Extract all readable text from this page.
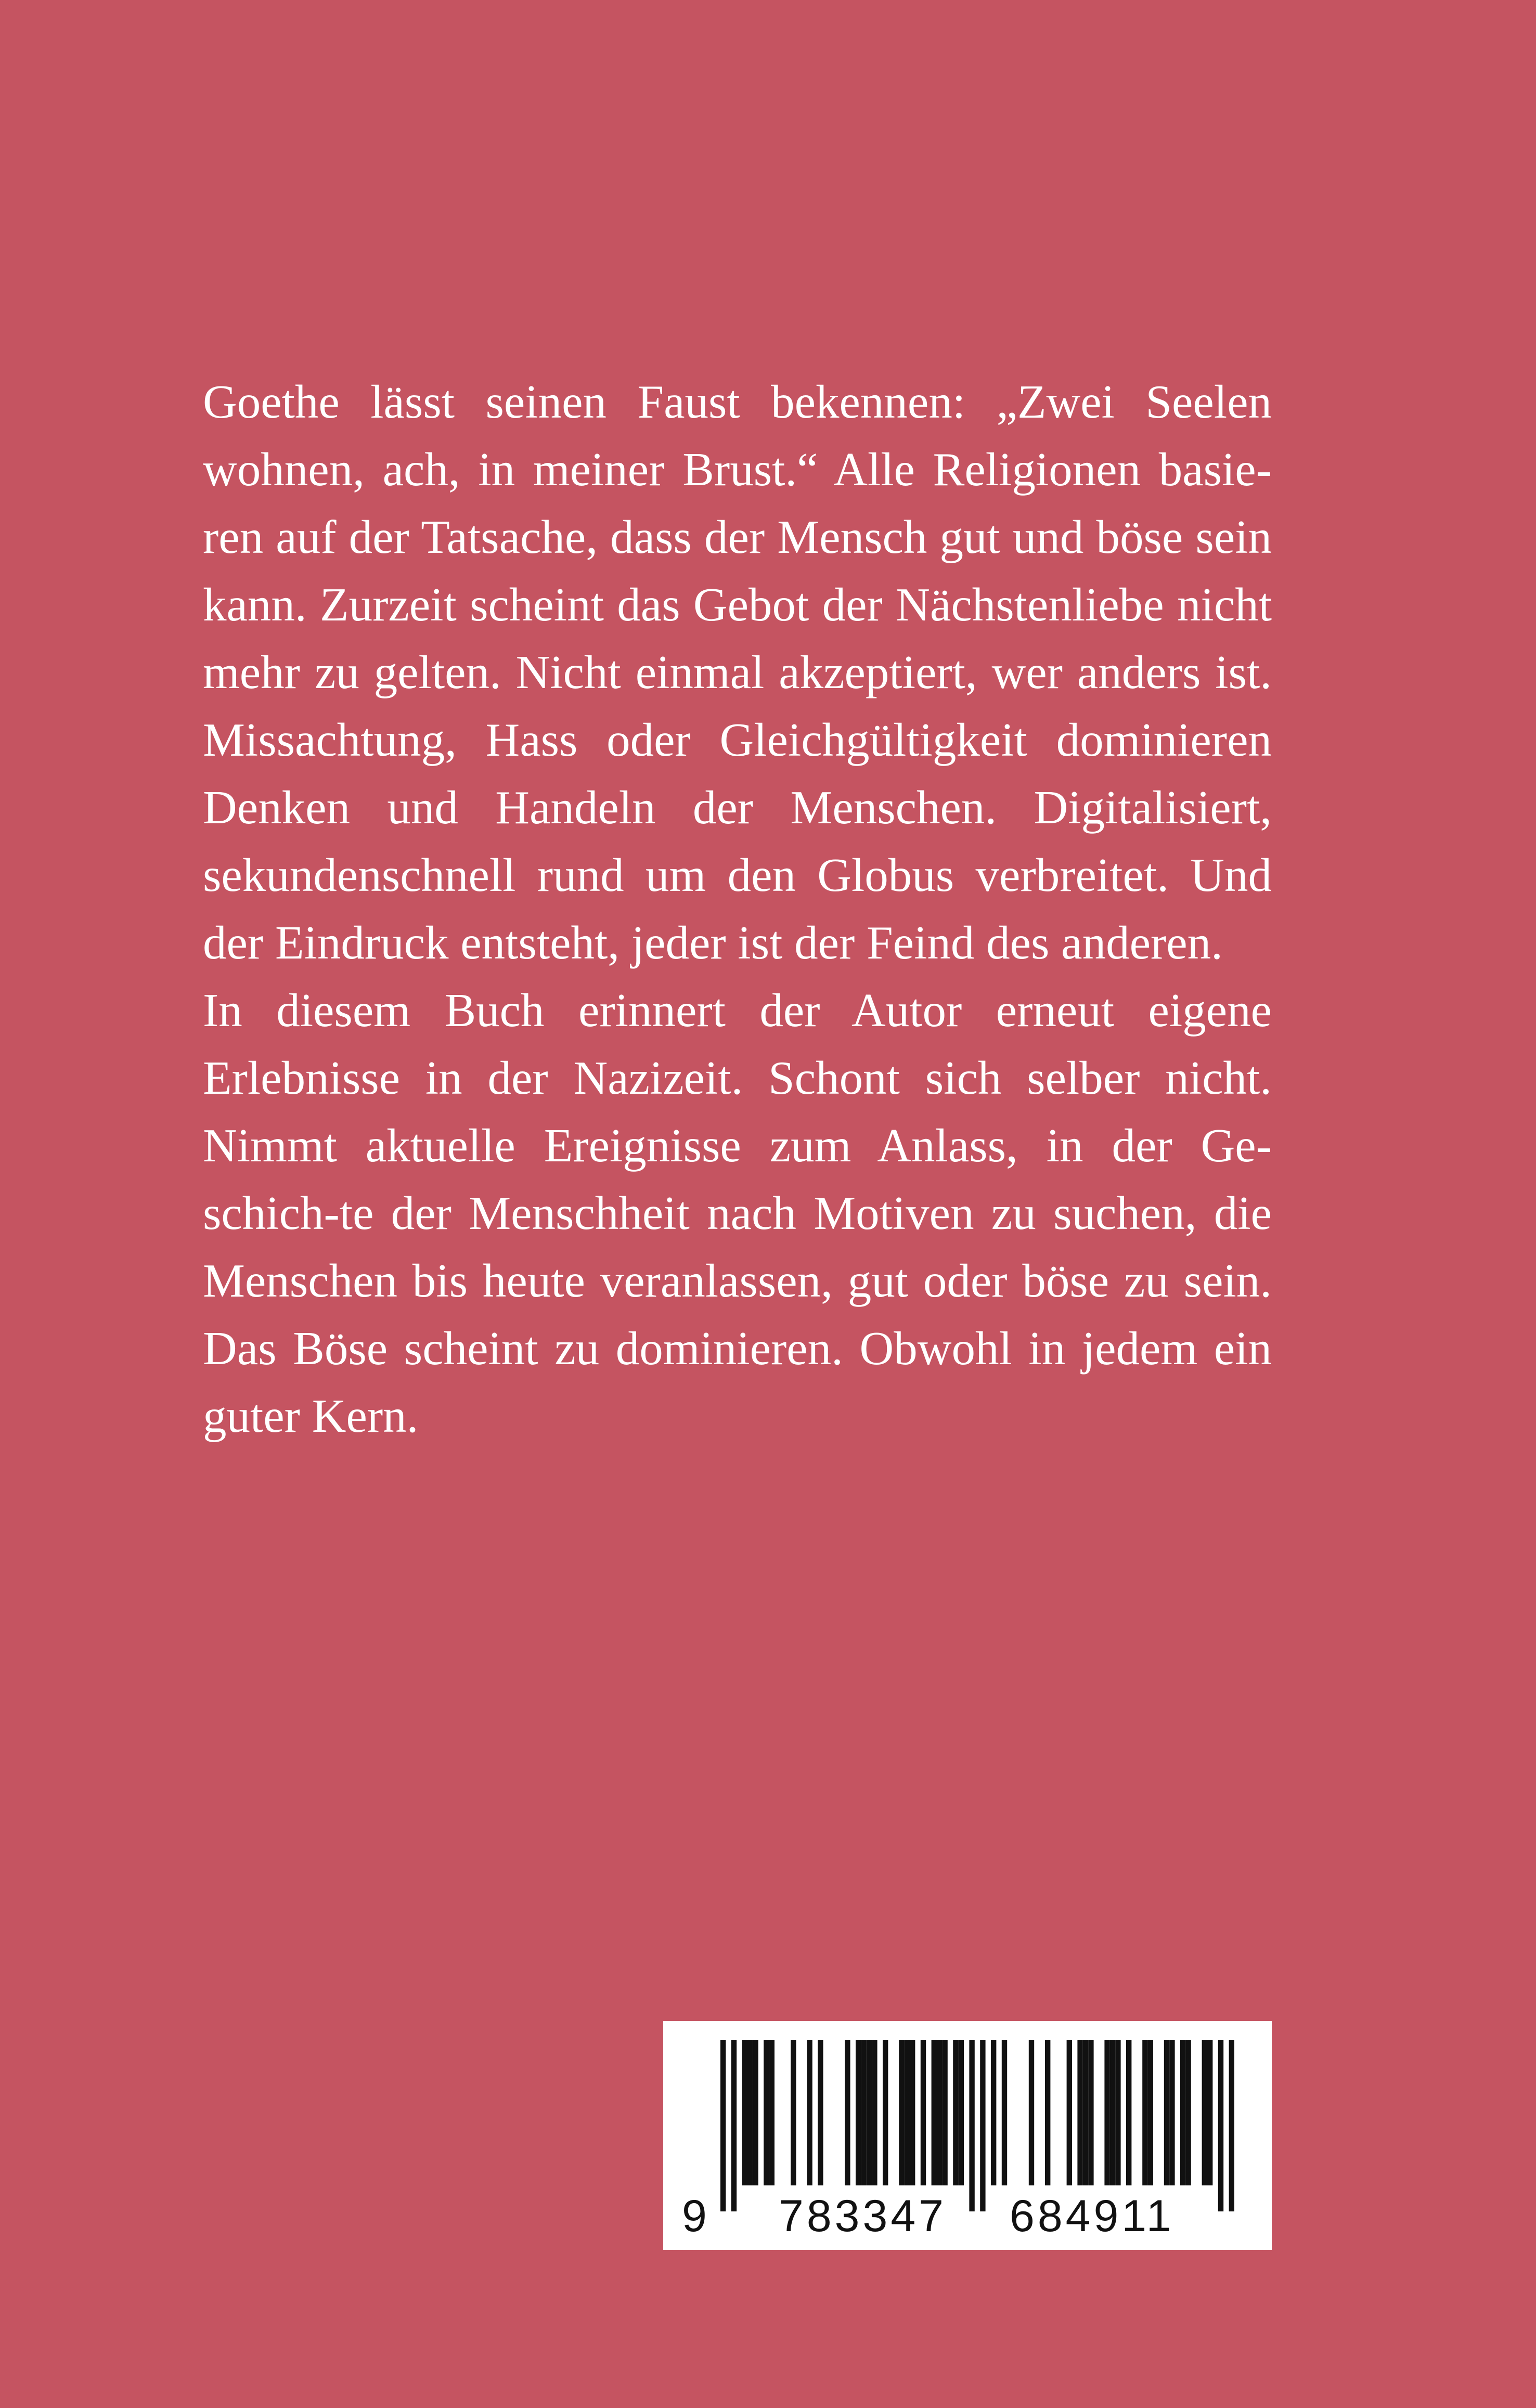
Goethe lässt seinen Faust bekennen: „Zwei Seelen wohnen, ach, in meiner Brust.“ Alle Religionen basieren auf der Tatsache, dass der Mensch gut und böse sein kann. Zurzeit scheint das Gebot der Nächstenliebe nicht mehr zu gelten. Nicht einmal akzeptiert, wer anders ist. Missachtung, Hass oder Gleichgültigkeit dominieren Denken und Handeln der Menschen. Digitalisiert, sekundenschnell rund um den Globus verbreitet. Und der Eindruck entsteht, jeder ist der Feind des anderen.

In diesem Buch erinnert der Autor erneut eigene Erlebnisse in der Nazizeit. Schont sich selber nicht. Nimmt aktuelle Ereignisse zum Anlass, in der Geschich-te der Menschheit nach Motiven zu suchen, die Menschen bis heute veranlassen, gut oder böse zu sein. Das Böse scheint zu dominieren. Obwohl in jedem ein guter Kern.

9 783347 684911
